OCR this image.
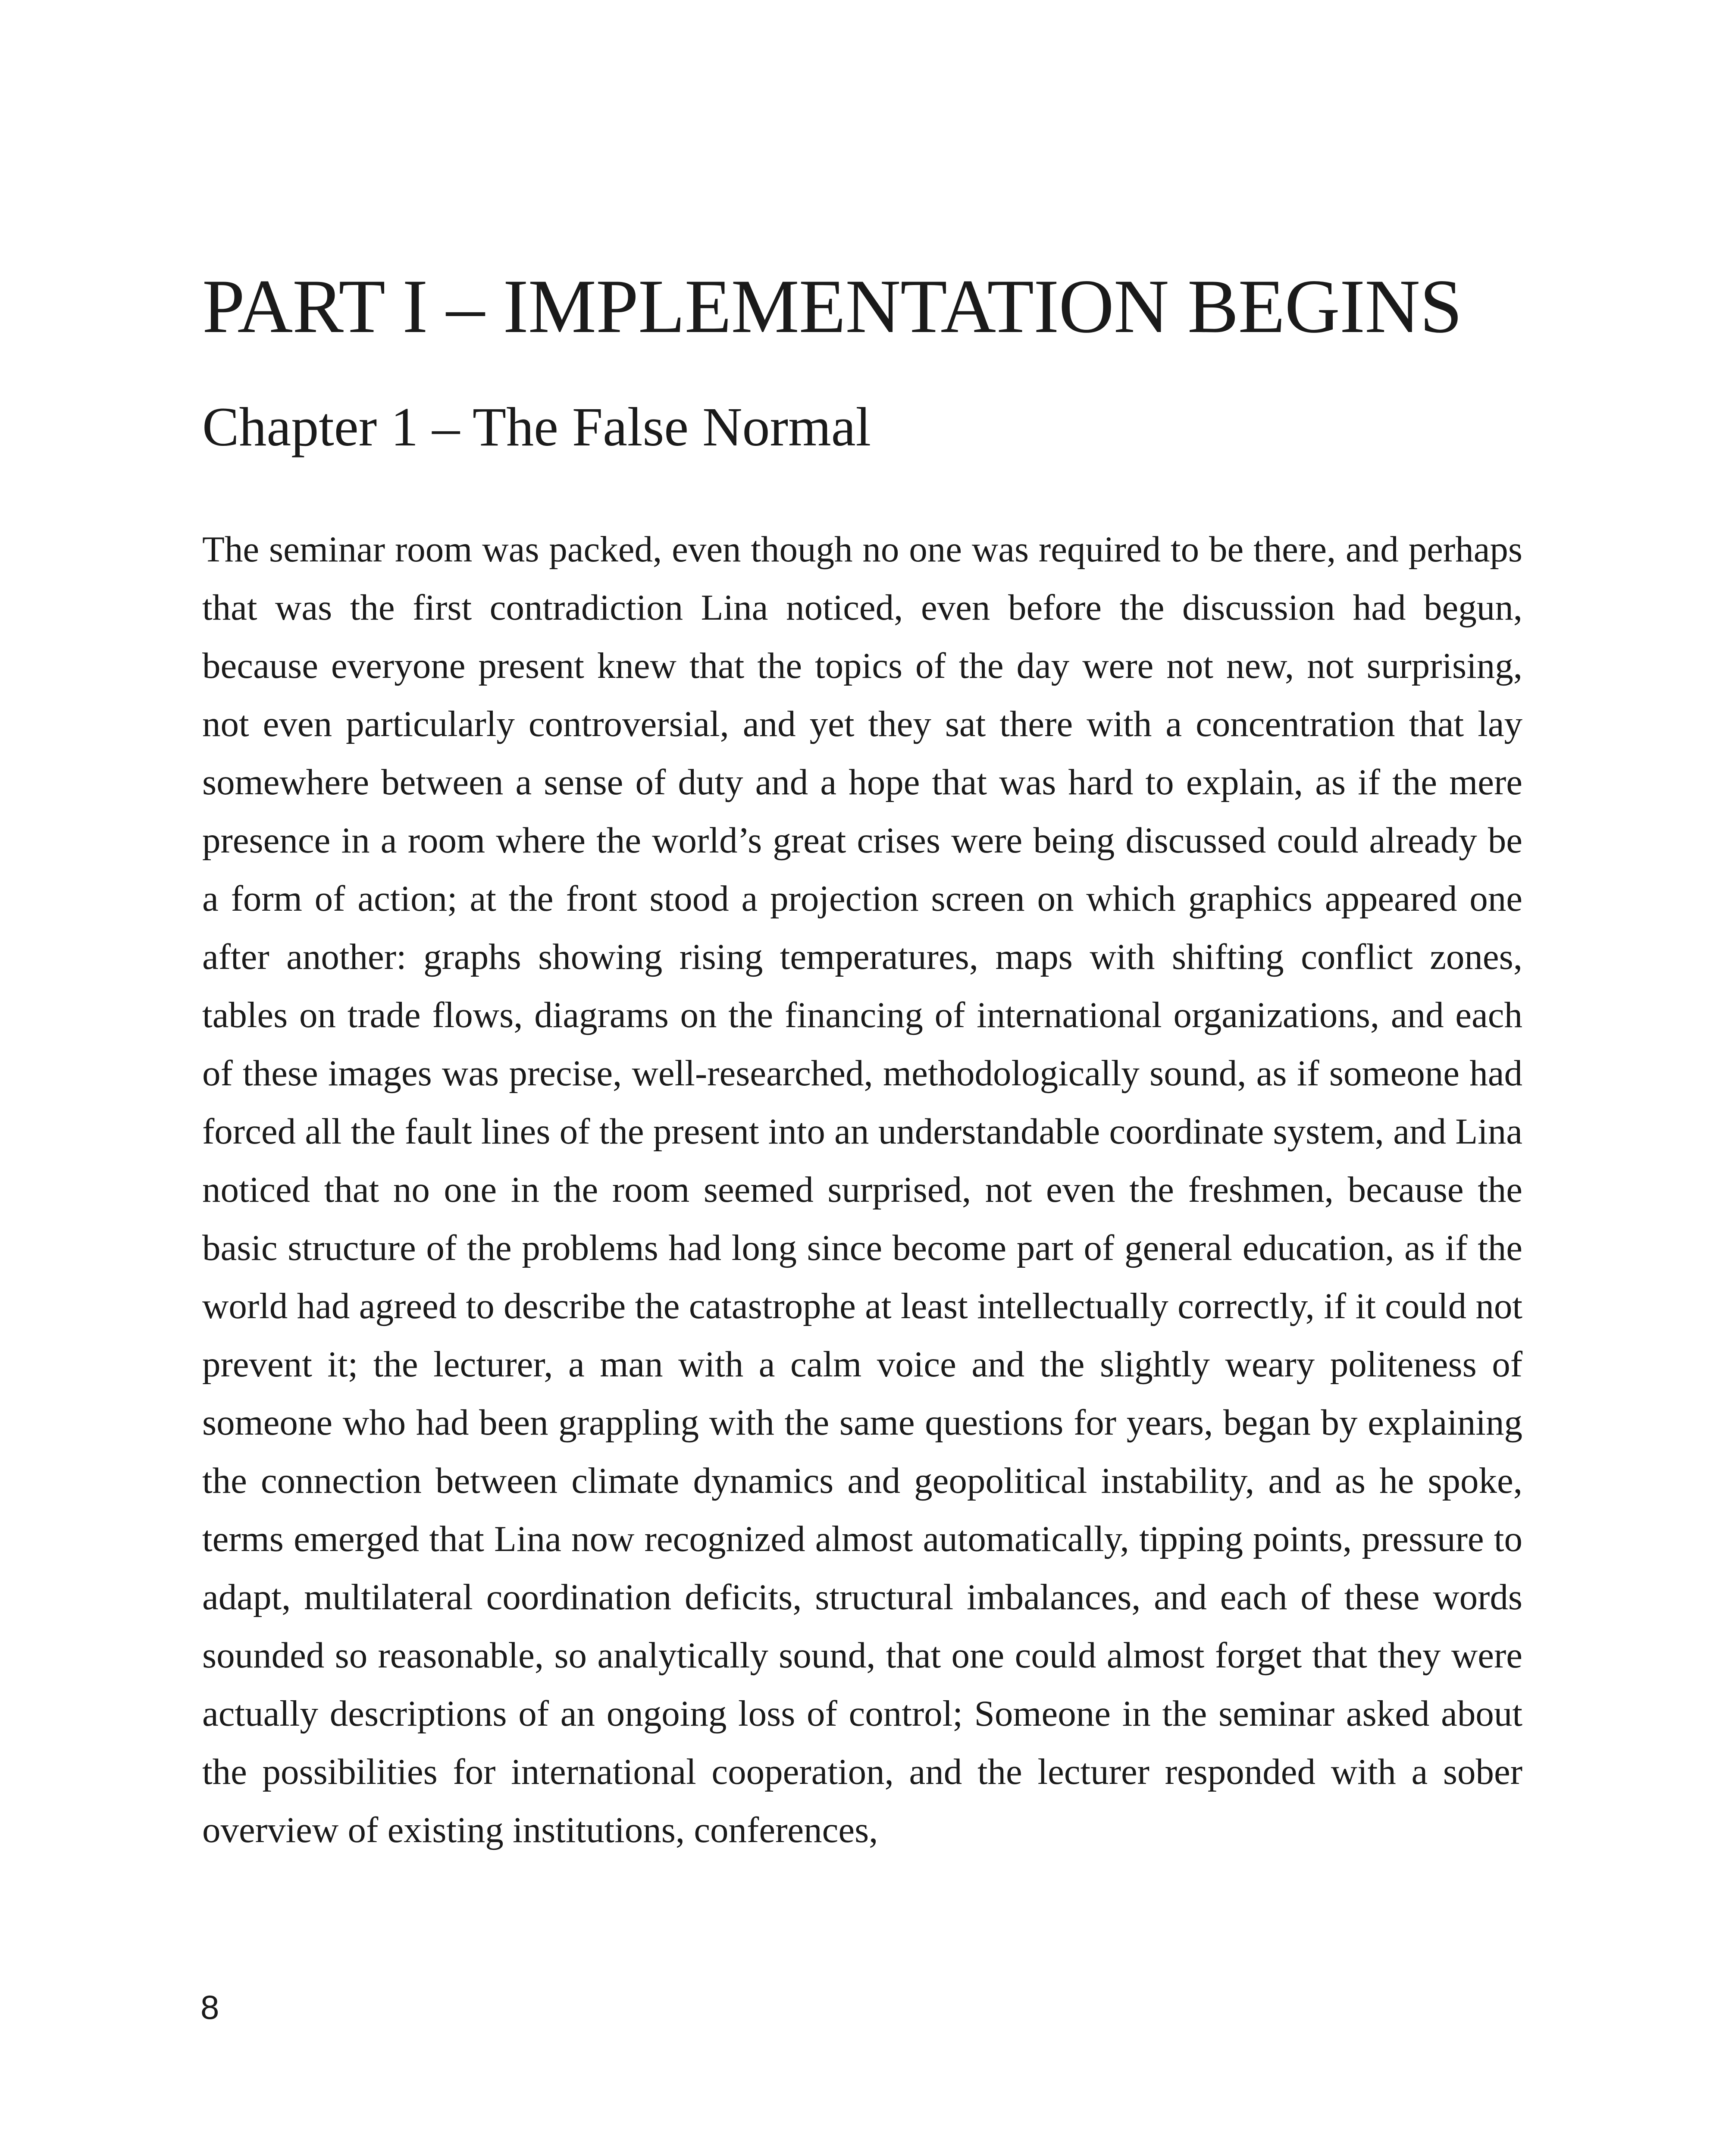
PART I – IMPLEMENTATION BEGINS
Chapter 1 – The False Normal

The seminar room was packed, even though no one was required to be there, and perhaps that was the first contradiction Lina noticed, even before the discussion had begun, because everyone present knew that the topics of the day were not new, not surprising, not even particularly controversial, and yet they sat there with a concentration that lay somewhere between a sense of duty and a hope that was hard to explain, as if the mere presence in a room where the world’s great crises were being discussed could already be a form of action; at the front stood a projection screen on which graphics appeared one after another: graphs showing rising temperatures, maps with shifting conflict zones, tables on trade flows, diagrams on the financing of international organizations, and each of these images was precise, well-researched, methodologically sound, as if someone had forced all the fault lines of the present into an understandable coordinate system, and Lina noticed that no one in the room seemed surprised, not even the freshmen, because the basic structure of the problems had long since become part of general education, as if the world had agreed to describe the catastrophe at least intellectually correctly, if it could not prevent it; the lecturer, a man with a calm voice and the slightly weary politeness of someone who had been grappling with the same questions for years, began by explaining the connection between climate dynamics and geopolitical instability, and as he spoke, terms emerged that Lina now recognized almost automatically, tipping points, pressure to adapt, multilateral coordination deficits, structural imbalances, and each of these words sounded so reasonable, so analytically sound, that one could almost forget that they were actually descriptions of an ongoing loss of control; Someone in the seminar asked about the possibilities for international cooperation, and the lecturer responded with a sober overview of existing institutions, conferences,

8
